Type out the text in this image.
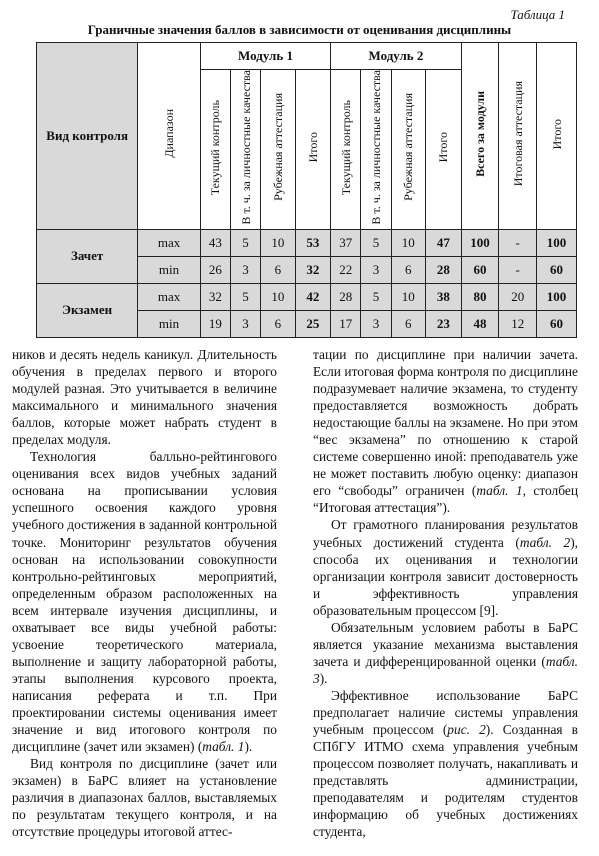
Таблица 1
Граничные значения баллов в зависимости от оценивания дисциплины
Вид контроля	Диапазон	Модуль 1				Модуль 2				Всего за модули	Итоговая аттестация	Итого
		Текущий контроль	В т. ч. за личностные качества	Рубежная аттестация	Итого	Текущий контроль	В т. ч. за личностные качества	Рубежная аттестация	Итого			
Зачет	max	43	5	10	53	37	5	10	47	100	-	100
	min	26	3	6	32	22	3	6	28	60	-	60
Экзамен	max	32	5	10	42	28	5	10	38	80	20	100
	min	19	3	6	25	17	3	6	23	48	12	60

ников и десять недель каникул. Длительность обучения в пределах первого и второго модулей разная. Это учитывается в величине максимального и минимального значения баллов, которые может набрать студент в пределах модуля.

Технология балльно-рейтингового оценивания всех видов учебных заданий основана на прописывании условия успешного освоения каждого уровня учебного достижения в заданной контрольной точке. Мониторинг результатов обучения основан на использовании совокупности контрольно-рейтинговых мероприятий, определенным образом расположенных на всем интервале изучения дисциплины, и охватывает все виды учебной работы: усвоение теоретического материала, выполнение и защиту лабораторной работы, этапы выполнения курсового проекта, написания реферата и т.п. При проектировании системы оценивания имеет значение и вид итогового контроля по дисциплине (зачет или экзамен) (табл. 1).

Вид контроля по дисциплине (зачет или экзамен) в БаРС влияет на установление различия в диапазонах баллов, выставляемых по результатам текущего контроля, и на отсутствие процедуры итоговой аттес-

тации по дисциплине при наличии зачета. Если итоговая форма контроля по дисциплине подразумевает наличие экзамена, то студенту предоставляется возможность добрать недостающие баллы на экзамене. Но при этом “вес экзамена” по отношению к старой системе совершенно иной: преподаватель уже не может поставить любую оценку: диапазон его “свободы” ограничен (табл. 1, столбец “Итоговая аттестация”).

От грамотного планирования результатов учебных достижений студента (табл. 2), способа их оценивания и технологии организации контроля зависит достоверность и эффективность управления образовательным процессом [9].

Обязательным условием работы в БаРС является указание механизма выставления зачета и дифференцированной оценки (табл. 3).

Эффективное использование БаРС предполагает наличие системы управления учебным процессом (рис. 2). Созданная в СПбГУ ИТМО схема управления учебным процессом позволяет получать, накапливать и представлять администрации, преподавателям и родителям студентов информацию об учебных достижениях студента,
